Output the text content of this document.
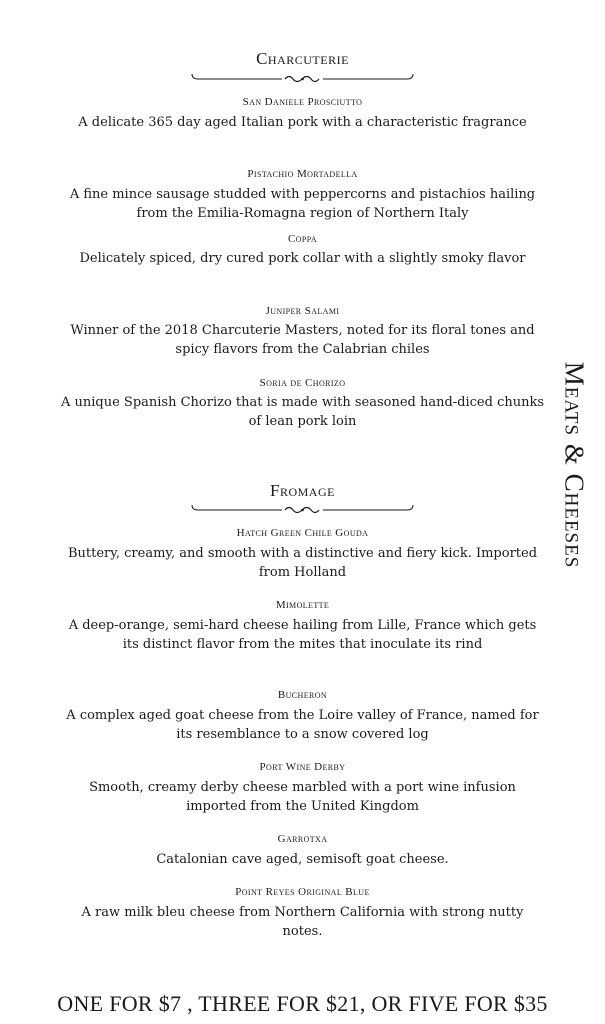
Charcuterie
San Daniele Prosciutto
A delicate 365 day aged Italian pork with a characteristic fragrance
Pistachio Mortadella
A fine mince sausage studded with peppercorns and pistachios hailing from the Emilia-Romagna region of Northern Italy
Coppa
Delicately spiced, dry cured pork collar with a slightly smoky flavor
Juniper Salami
Winner of the 2018 Charcuterie Masters, noted for its floral tones and spicy flavors from the Calabrian chiles
Soria de Chorizo
A unique Spanish Chorizo that is made with seasoned hand-diced chunks of lean pork loin
Fromage
Hatch Green Chile Gouda
Buttery, creamy, and smooth with a distinctive and fiery kick. Imported from Holland
Mimolette
A deep-orange, semi-hard cheese hailing from Lille, France which gets its distinct flavor from the mites that inoculate its rind
Bucheron
A complex aged goat cheese from the Loire valley of France, named for its resemblance to a snow covered log
Port Wine Derby
Smooth, creamy derby cheese marbled with a port wine infusion imported from the United Kingdom
Garrotxa
Catalonian cave aged, semisoft goat cheese.
Point Reyes Original Blue
A raw milk bleu cheese from Northern California with strong nutty notes.
Meats & Cheeses
ONE FOR $7 , THREE FOR $21, OR FIVE FOR $35
